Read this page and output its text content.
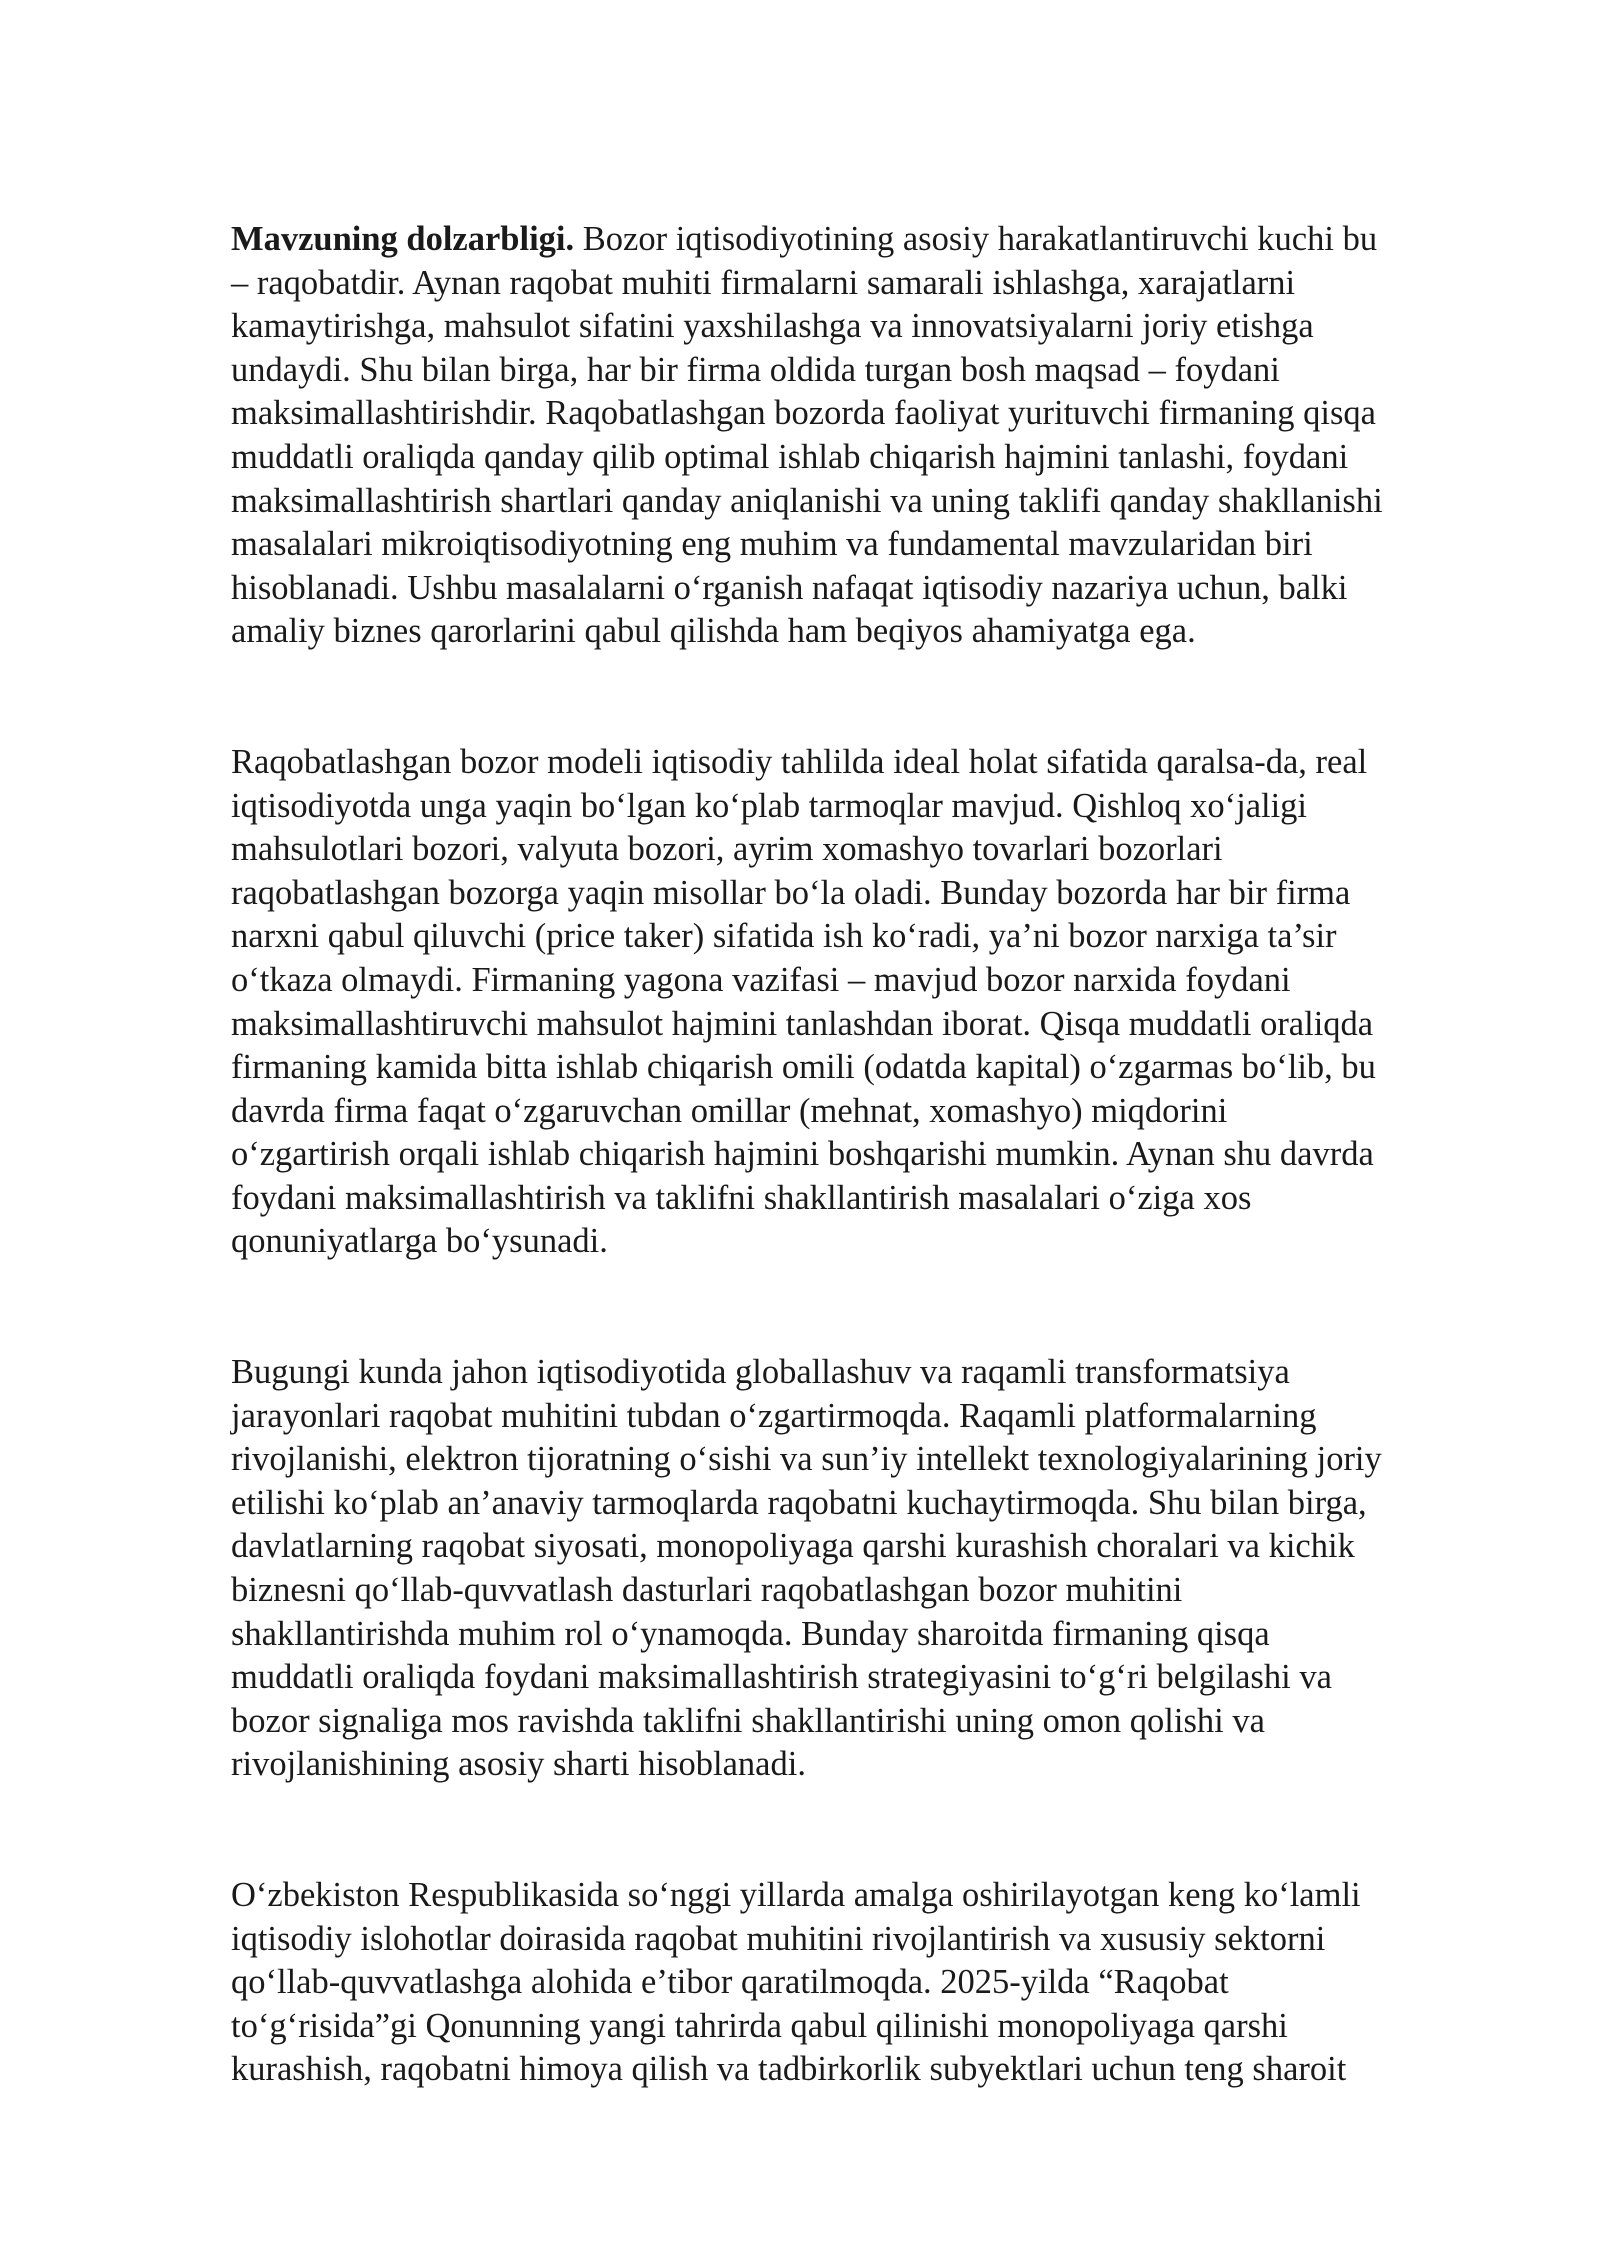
Mavzuning dolzarbligi. Bozor iqtisodiyotining asosiy harakatlantiruvchi kuchi bu
– raqobatdir. Aynan raqobat muhiti firmalarni samarali ishlashga, xarajatlarni
kamaytirishga, mahsulot sifatini yaxshilashga va innovatsiyalarni joriy etishga
undaydi. Shu bilan birga, har bir firma oldida turgan bosh maqsad – foydani
maksimallashtirishdir. Raqobatlashgan bozorda faoliyat yurituvchi firmaning qisqa
muddatli oraliqda qanday qilib optimal ishlab chiqarish hajmini tanlashi, foydani
maksimallashtirish shartlari qanday aniqlanishi va uning taklifi qanday shakllanishi
masalalari mikroiqtisodiyotning eng muhim va fundamental mavzularidan biri
hisoblanadi. Ushbu masalalarni oʻrganish nafaqat iqtisodiy nazariya uchun, balki
amaliy biznes qarorlarini qabul qilishda ham beqiyos ahamiyatga ega.

Raqobatlashgan bozor modeli iqtisodiy tahlilda ideal holat sifatida qaralsa-da, real
iqtisodiyotda unga yaqin boʻlgan koʻplab tarmoqlar mavjud. Qishloq xoʻjaligi
mahsulotlari bozori, valyuta bozori, ayrim xomashyo tovarlari bozorlari
raqobatlashgan bozorga yaqin misollar boʻla oladi. Bunday bozorda har bir firma
narxni qabul qiluvchi (price taker) sifatida ish koʻradi, ya’ni bozor narxiga ta’sir
oʻtkaza olmaydi. Firmaning yagona vazifasi – mavjud bozor narxida foydani
maksimallashtiruvchi mahsulot hajmini tanlashdan iborat. Qisqa muddatli oraliqda
firmaning kamida bitta ishlab chiqarish omili (odatda kapital) oʻzgarmas boʻlib, bu
davrda firma faqat oʻzgaruvchan omillar (mehnat, xomashyo) miqdorini
oʻzgartirish orqali ishlab chiqarish hajmini boshqarishi mumkin. Aynan shu davrda
foydani maksimallashtirish va taklifni shakllantirish masalalari oʻziga xos
qonuniyatlarga boʻysunadi.

Bugungi kunda jahon iqtisodiyotida globallashuv va raqamli transformatsiya
jarayonlari raqobat muhitini tubdan oʻzgartirmoqda. Raqamli platformalarning
rivojlanishi, elektron tijoratning oʻsishi va sun’iy intellekt texnologiyalarining joriy
etilishi koʻplab an’anaviy tarmoqlarda raqobatni kuchaytirmoqda. Shu bilan birga,
davlatlarning raqobat siyosati, monopoliyaga qarshi kurashish choralari va kichik
biznesni qoʻllab-quvvatlash dasturlari raqobatlashgan bozor muhitini
shakllantirishda muhim rol oʻynamoqda. Bunday sharoitda firmaning qisqa
muddatli oraliqda foydani maksimallashtirish strategiyasini toʻgʻri belgilashi va
bozor signaliga mos ravishda taklifni shakllantirishi uning omon qolishi va
rivojlanishining asosiy sharti hisoblanadi.

Oʻzbekiston Respublikasida soʻnggi yillarda amalga oshirilayotgan keng koʻlamli
iqtisodiy islohotlar doirasida raqobat muhitini rivojlantirish va xususiy sektorni
qoʻllab-quvvatlashga alohida e’tibor qaratilmoqda. 2025-yilda “Raqobat
toʻgʻrisida”gi Qonunning yangi tahrirda qabul qilinishi monopoliyaga qarshi
kurashish, raqobatni himoya qilish va tadbirkorlik subyektlari uchun teng sharoit
